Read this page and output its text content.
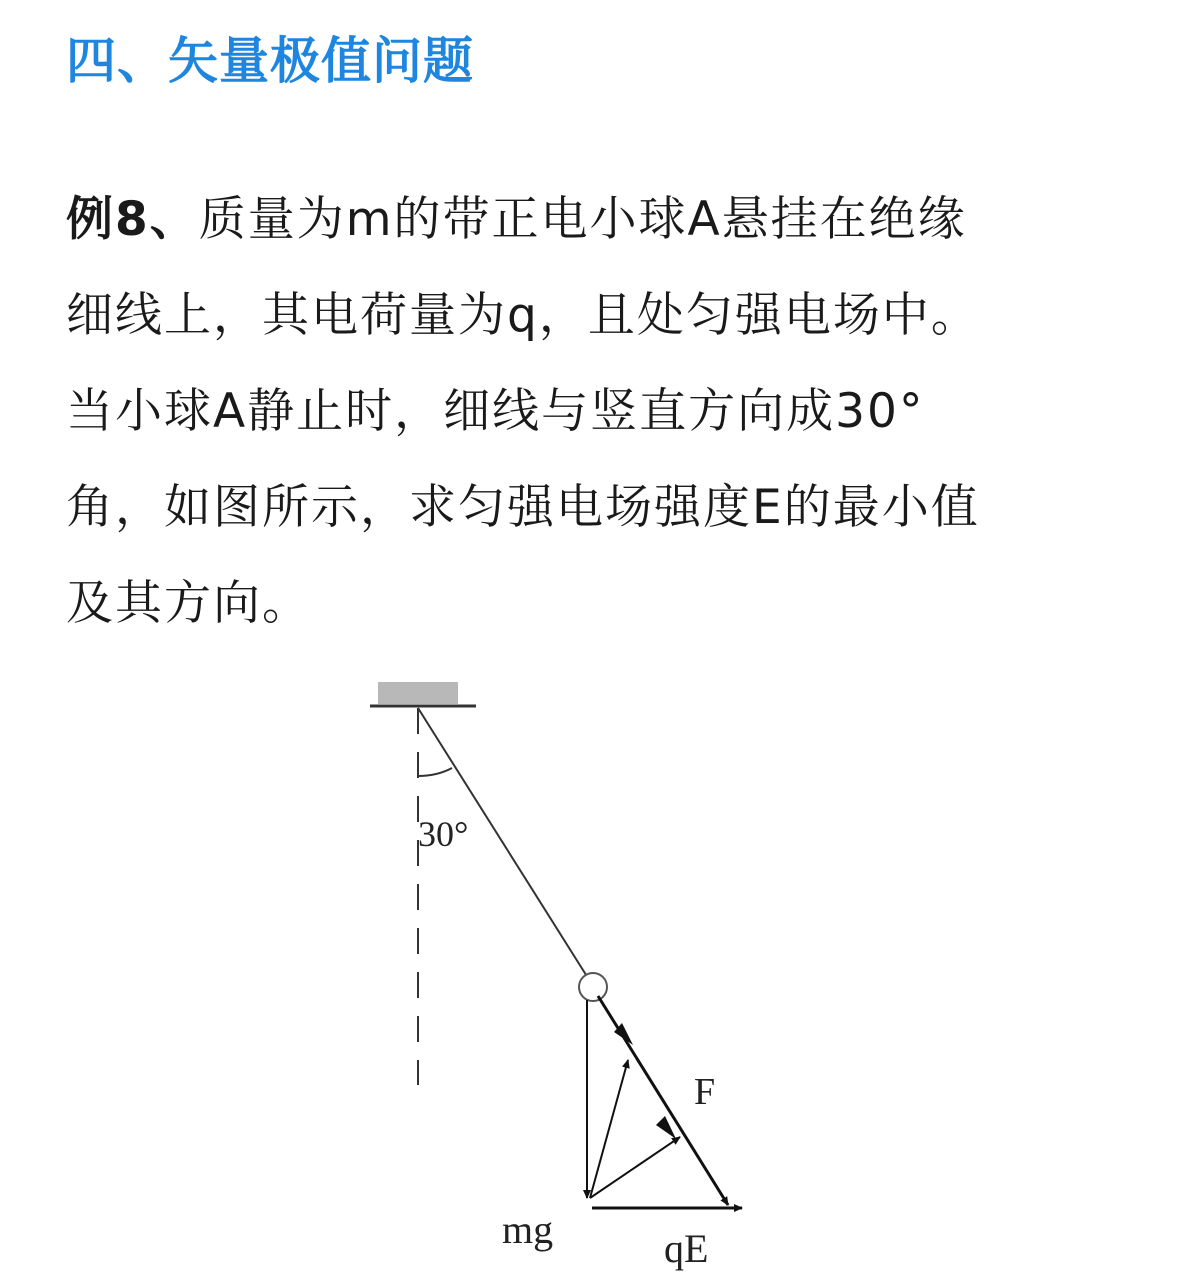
四、矢量极值问题
例8、质量为m的带正电小球A悬挂在绝缘
细线上，其电荷量为q，且处匀强电场中。
当小球A静止时，细线与竖直方向成30°
角，如图所示，求匀强电场强度E的最小值
及其方向。
30°
F
mg	qE
